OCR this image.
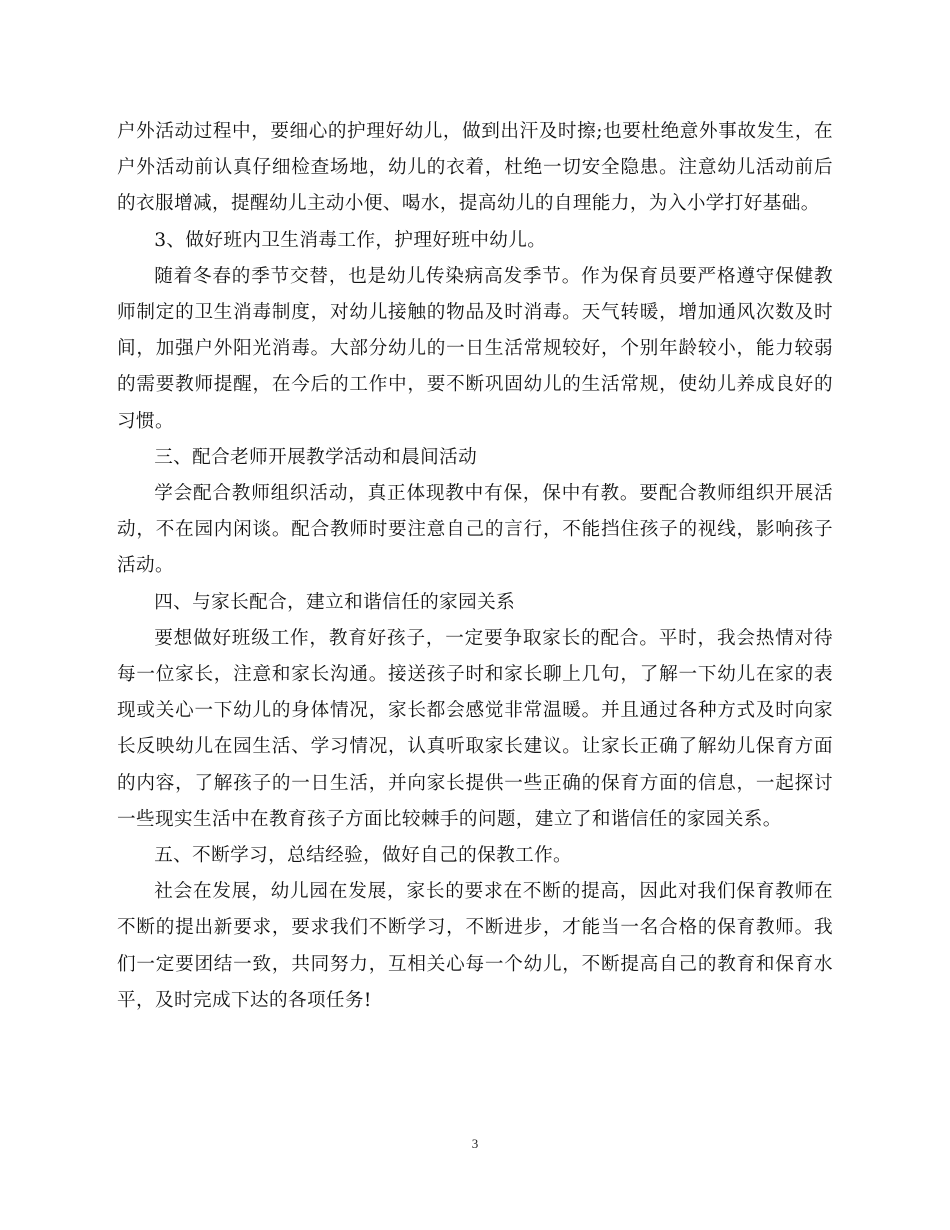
户外活动过程中，要细心的护理好幼儿，做到出汗及时擦;也要杜绝意外事故发生，在户外活动前认真仔细检查场地，幼儿的衣着，杜绝一切安全隐患。注意幼儿活动前后的衣服增减，提醒幼儿主动小便、喝水，提高幼儿的自理能力，为入小学打好基础。

3、做好班内卫生消毒工作，护理好班中幼儿。

随着冬春的季节交替，也是幼儿传染病高发季节。作为保育员要严格遵守保健教师制定的卫生消毒制度，对幼儿接触的物品及时消毒。天气转暖，增加通风次数及时间，加强户外阳光消毒。大部分幼儿的一日生活常规较好，个别年龄较小，能力较弱的需要教师提醒，在今后的工作中，要不断巩固幼儿的生活常规，使幼儿养成良好的习惯。

三、配合老师开展教学活动和晨间活动

学会配合教师组织活动，真正体现教中有保，保中有教。要配合教师组织开展活动，不在园内闲谈。配合教师时要注意自己的言行，不能挡住孩子的视线，影响孩子活动。

四、与家长配合，建立和谐信任的家园关系

要想做好班级工作，教育好孩子，一定要争取家长的配合。平时，我会热情对待每一位家长，注意和家长沟通。接送孩子时和家长聊上几句，了解一下幼儿在家的表现或关心一下幼儿的身体情况，家长都会感觉非常温暖。并且通过各种方式及时向家长反映幼儿在园生活、学习情况，认真听取家长建议。让家长正确了解幼儿保育方面的内容，了解孩子的一日生活，并向家长提供一些正确的保育方面的信息，一起探讨一些现实生活中在教育孩子方面比较棘手的问题，建立了和谐信任的家园关系。

五、不断学习，总结经验，做好自己的保教工作。

社会在发展，幼儿园在发展，家长的要求在不断的提高，因此对我们保育教师在不断的提出新要求，要求我们不断学习，不断进步，才能当一名合格的保育教师。我们一定要团结一致，共同努力，互相关心每一个幼儿，不断提高自己的教育和保育水平，及时完成下达的各项任务!

3
